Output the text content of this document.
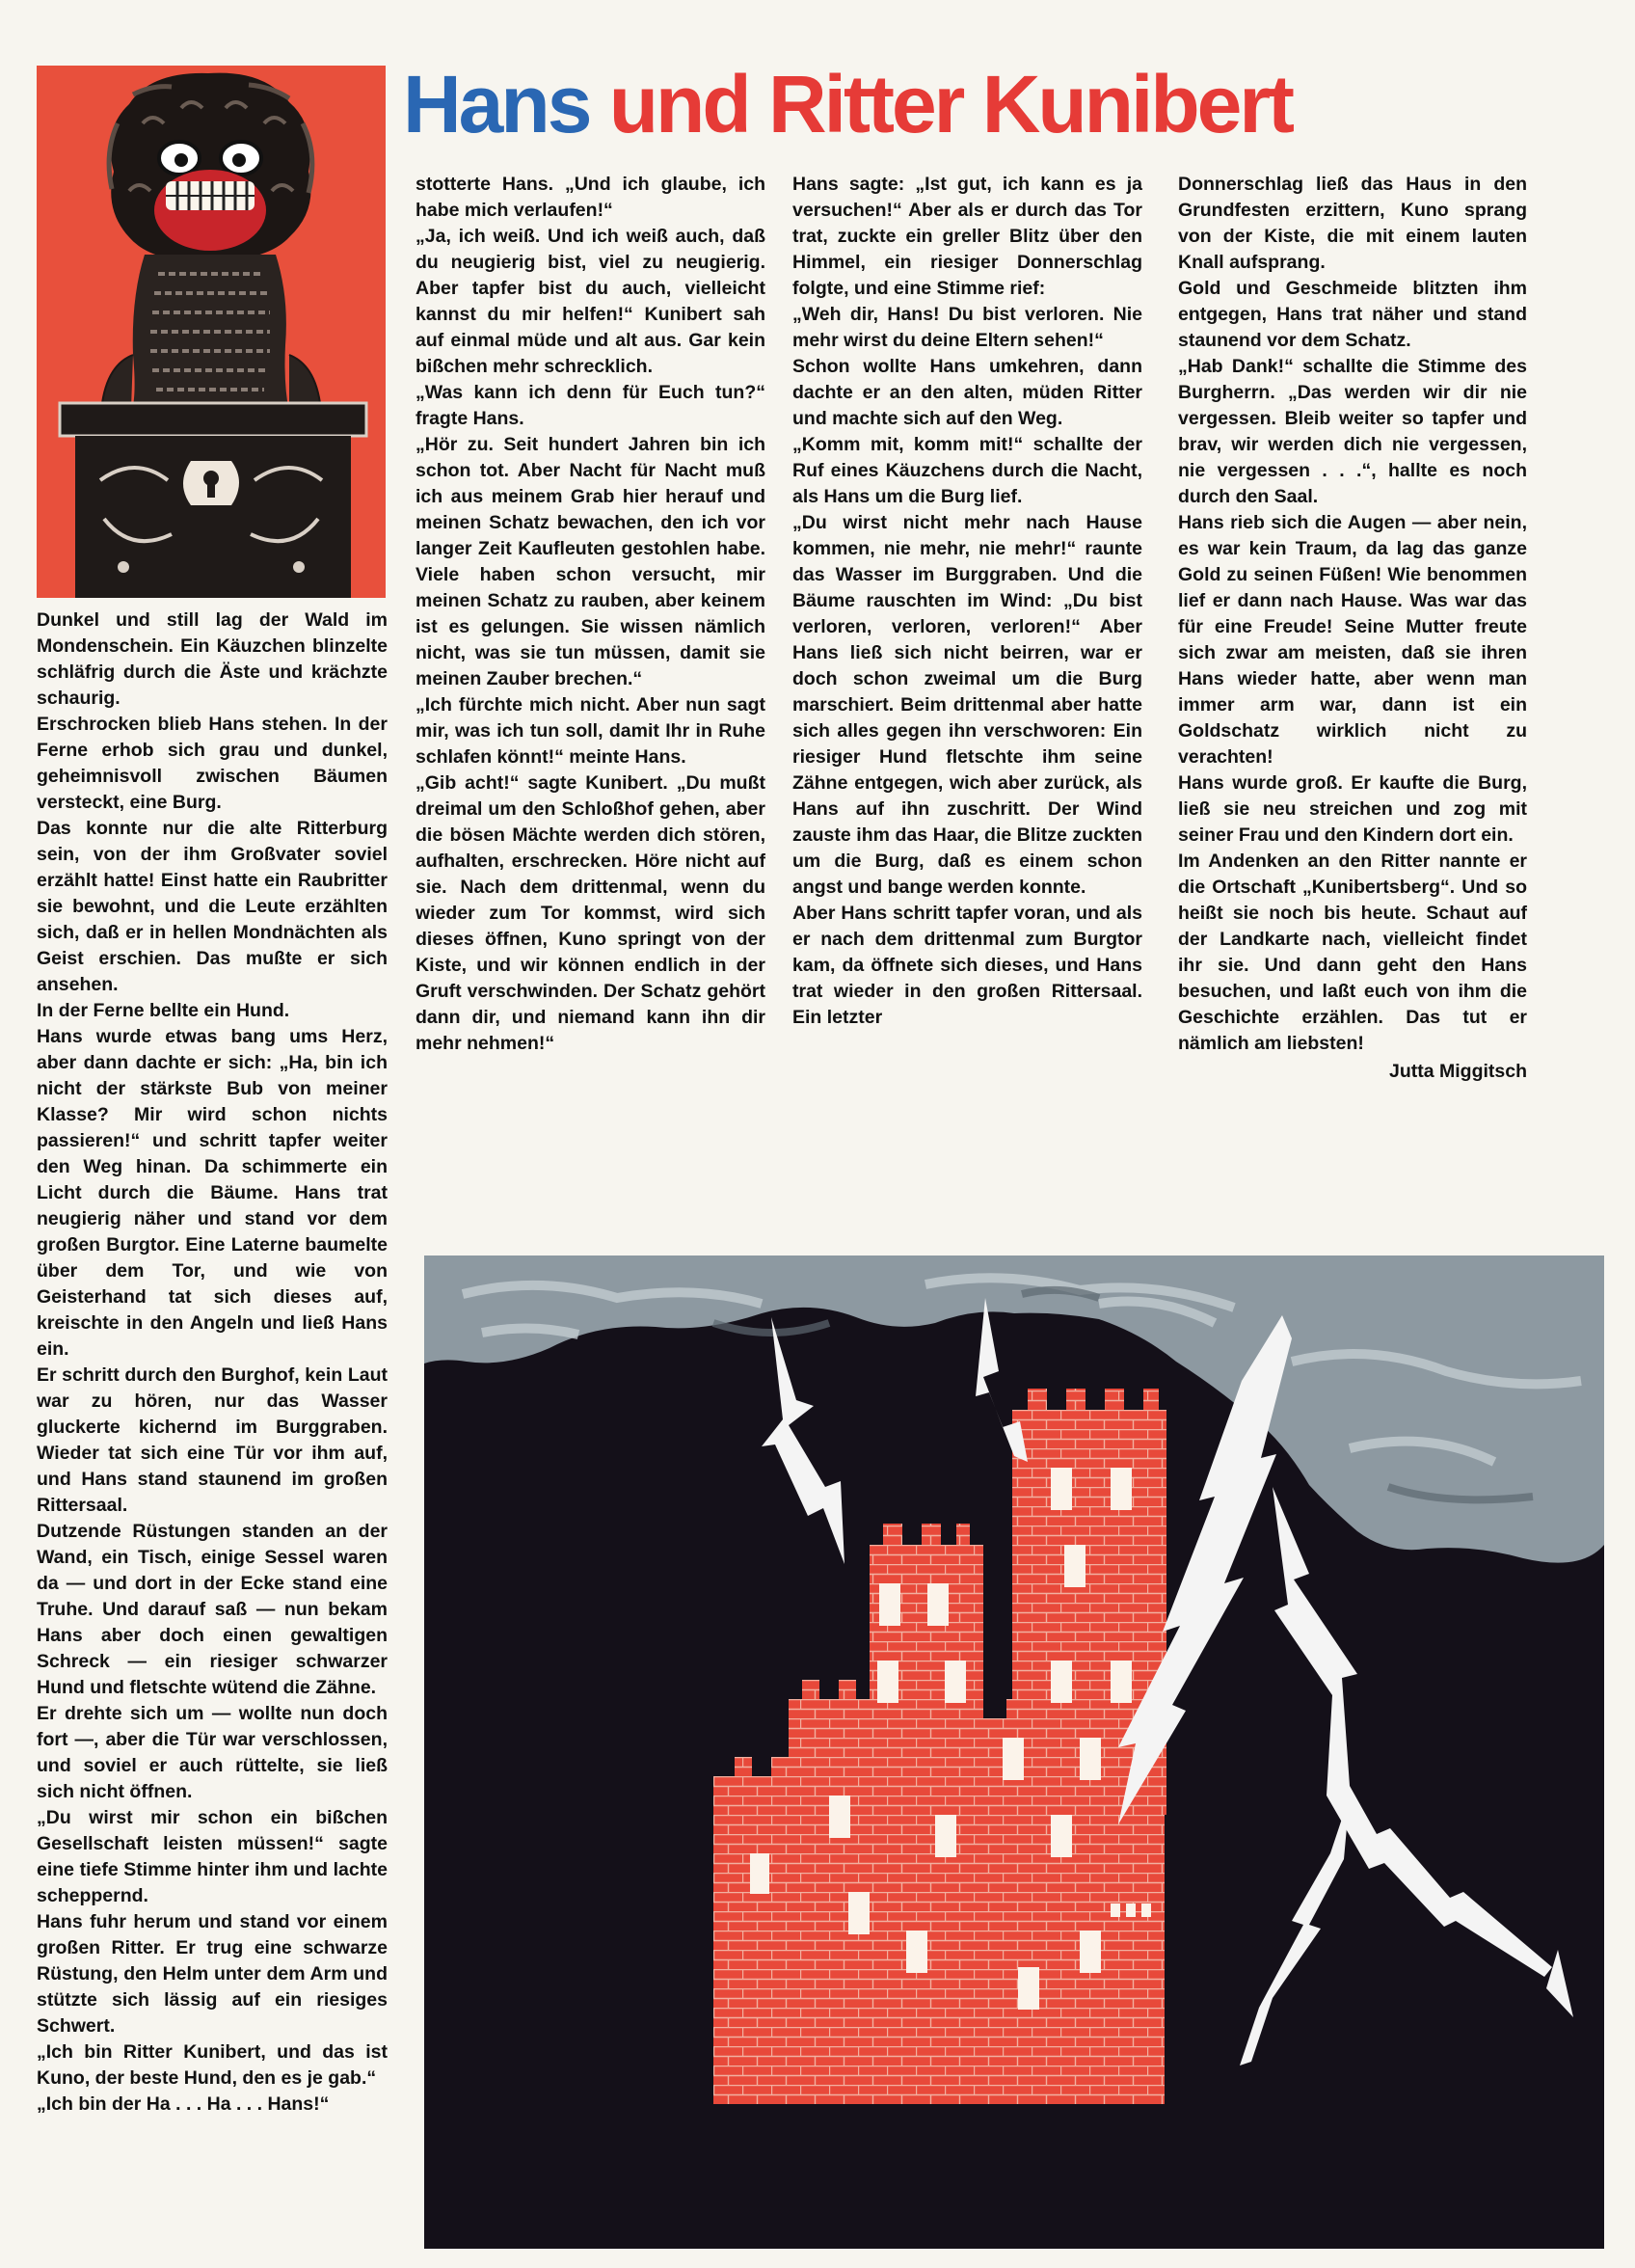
Hans und Ritter Kunibert

Dunkel und still lag der Wald im Mondenschein. Ein Käuzchen blinzelte schläfrig durch die Äste und krächzte schaurig.

Erschrocken blieb Hans stehen. In der Ferne erhob sich grau und dunkel, geheimnisvoll zwischen Bäumen versteckt, eine Burg.

Das konnte nur die alte Ritterburg sein, von der ihm Großvater soviel erzählt hatte! Einst hatte ein Raubritter sie bewohnt, und die Leute erzählten sich, daß er in hellen Mondnächten als Geist erschien. Das mußte er sich ansehen.

In der Ferne bellte ein Hund.

Hans wurde etwas bang ums Herz, aber dann dachte er sich: „Ha, bin ich nicht der stärkste Bub von meiner Klasse? Mir wird schon nichts passieren!“ und schritt tapfer weiter den Weg hinan. Da schimmerte ein Licht durch die Bäume. Hans trat neugierig näher und stand vor dem großen Burgtor. Eine Laterne baumelte über dem Tor, und wie von Geisterhand tat sich dieses auf, kreischte in den Angeln und ließ Hans ein.

Er schritt durch den Burghof, kein Laut war zu hören, nur das Wasser gluckerte kichernd im Burggraben. Wieder tat sich eine Tür vor ihm auf, und Hans stand staunend im großen Rittersaal.

Dutzende Rüstungen standen an der Wand, ein Tisch, einige Sessel waren da — und dort in der Ecke stand eine Truhe. Und darauf saß — nun bekam Hans aber doch einen gewaltigen Schreck — ein riesiger schwarzer Hund und fletschte wütend die Zähne.

Er drehte sich um — wollte nun doch fort —, aber die Tür war verschlossen, und soviel er auch rüttelte, sie ließ sich nicht öffnen.

„Du wirst mir schon ein bißchen Gesellschaft leisten müssen!“ sagte eine tiefe Stimme hinter ihm und lachte scheppernd.

Hans fuhr herum und stand vor einem großen Ritter. Er trug eine schwarze Rüstung, den Helm unter dem Arm und stützte sich lässig auf ein riesiges Schwert.

„Ich bin Ritter Kunibert, und das ist Kuno, der beste Hund, den es je gab.“

„Ich bin der Ha . . . Ha . . . Hans!“

stotterte Hans. „Und ich glaube, ich habe mich verlaufen!“

„Ja, ich weiß. Und ich weiß auch, daß du neugierig bist, viel zu neugierig. Aber tapfer bist du auch, vielleicht kannst du mir helfen!“ Kunibert sah auf einmal müde und alt aus. Gar kein bißchen mehr schrecklich.

„Was kann ich denn für Euch tun?“ fragte Hans.

„Hör zu. Seit hundert Jahren bin ich schon tot. Aber Nacht für Nacht muß ich aus meinem Grab hier herauf und meinen Schatz bewachen, den ich vor langer Zeit Kaufleuten gestohlen habe. Viele haben schon versucht, mir meinen Schatz zu rauben, aber keinem ist es gelungen. Sie wissen nämlich nicht, was sie tun müssen, damit sie meinen Zauber brechen.“

„Ich fürchte mich nicht. Aber nun sagt mir, was ich tun soll, damit Ihr in Ruhe schlafen könnt!“ meinte Hans.

„Gib acht!“ sagte Kunibert. „Du mußt dreimal um den Schloßhof gehen, aber die bösen Mächte werden dich stören, aufhalten, erschrecken. Höre nicht auf sie. Nach dem drittenmal, wenn du wieder zum Tor kommst, wird sich dieses öffnen, Kuno springt von der Kiste, und wir können endlich in der Gruft verschwinden. Der Schatz gehört dann dir, und niemand kann ihn dir mehr nehmen!“

Hans sagte: „Ist gut, ich kann es ja versuchen!“ Aber als er durch das Tor trat, zuckte ein greller Blitz über den Himmel, ein riesiger Donnerschlag folgte, und eine Stimme rief:

„Weh dir, Hans! Du bist verloren. Nie mehr wirst du deine Eltern sehen!“

Schon wollte Hans umkehren, dann dachte er an den alten, müden Ritter und machte sich auf den Weg.

„Komm mit, komm mit!“ schallte der Ruf eines Käuzchens durch die Nacht, als Hans um die Burg lief.

„Du wirst nicht mehr nach Hause kommen, nie mehr, nie mehr!“ raunte das Wasser im Burggraben. Und die Bäume rauschten im Wind: „Du bist verloren, verloren, verloren!“ Aber Hans ließ sich nicht beirren, war er doch schon zweimal um die Burg marschiert. Beim drittenmal aber hatte sich alles gegen ihn verschworen: Ein riesiger Hund fletschte ihm seine Zähne entgegen, wich aber zurück, als Hans auf ihn zuschritt. Der Wind zauste ihm das Haar, die Blitze zuckten um die Burg, daß es einem schon angst und bange werden konnte.

Aber Hans schritt tapfer voran, und als er nach dem drittenmal zum Burgtor kam, da öffnete sich dieses, und Hans trat wieder in den großen Rittersaal. Ein letzter

Donnerschlag ließ das Haus in den Grundfesten erzittern, Kuno sprang von der Kiste, die mit einem lauten Knall aufsprang.

Gold und Geschmeide blitzten ihm entgegen, Hans trat näher und stand staunend vor dem Schatz.

„Hab Dank!“ schallte die Stimme des Burgherrn. „Das werden wir dir nie vergessen. Bleib weiter so tapfer und brav, wir werden dich nie vergessen, nie vergessen . . .“, hallte es noch durch den Saal.

Hans rieb sich die Augen — aber nein, es war kein Traum, da lag das ganze Gold zu seinen Füßen! Wie benommen lief er dann nach Hause. Was war das für eine Freude! Seine Mutter freute sich zwar am meisten, daß sie ihren Hans wieder hatte, aber wenn man immer arm war, dann ist ein Goldschatz wirklich nicht zu verachten!

Hans wurde groß. Er kaufte die Burg, ließ sie neu streichen und zog mit seiner Frau und den Kindern dort ein.

Im Andenken an den Ritter nannte er die Ortschaft „Kunibertsberg“. Und so heißt sie noch bis heute. Schaut auf der Landkarte nach, vielleicht findet ihr sie. Und dann geht den Hans besuchen, und laßt euch von ihm die Geschichte erzählen. Das tut er nämlich am liebsten!

Jutta Miggitsch
